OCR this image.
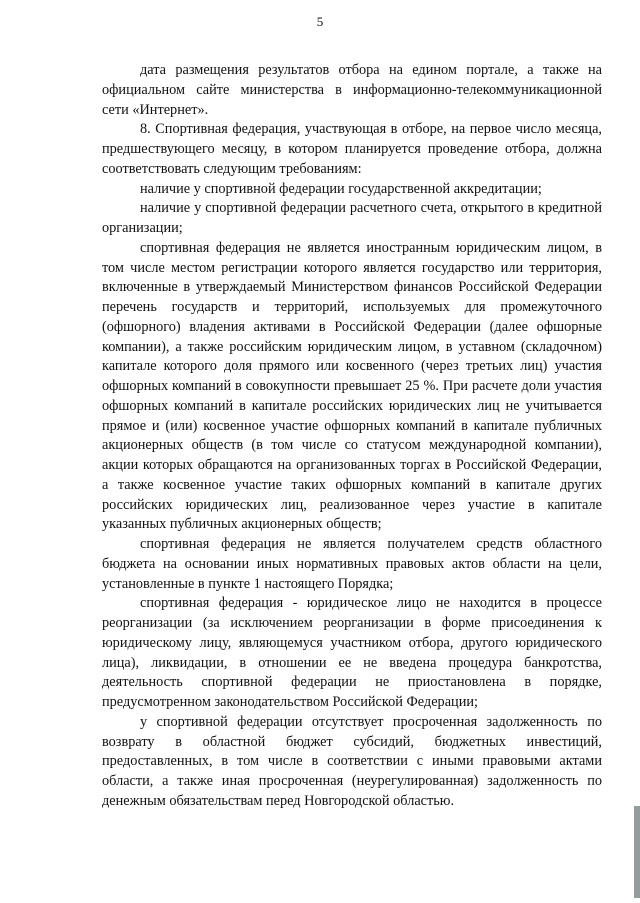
5

дата размещения результатов отбора на едином портале, а также на официальном сайте министерства в информационно-телекоммуникационной сети «Интернет».

8. Спортивная федерация, участвующая в отборе, на первое число месяца, предшествующего месяцу, в котором планируется проведение отбора, должна соответствовать следующим требованиям:

наличие у спортивной федерации государственной аккредитации;

наличие у спортивной федерации расчетного счета, открытого в кредитной организации;

спортивная федерация не является иностранным юридическим лицом, в том числе местом регистрации которого является государство или территория, включенные в утверждаемый Министерством финансов Российской Федерации перечень государств и территорий, используемых для промежуточного (офшорного) владения активами в Российской Федерации (далее офшорные компании), а также российским юридическим лицом, в уставном (складочном) капитале которого доля прямого или косвенного (через третьих лиц) участия офшорных компаний в совокупности превышает 25 %. При расчете доли участия офшорных компаний в капитале российских юридических лиц не учитывается прямое и (или) косвенное участие офшорных компаний в капитале публичных акционерных обществ (в том числе со статусом международной компании), акции которых обращаются на организованных торгах в Российской Федерации, а также косвенное участие таких офшорных компаний в капитале других российских юридических лиц, реализованное через участие в капитале указанных публичных акционерных обществ;

спортивная федерация не является получателем средств областного бюджета на основании иных нормативных правовых актов области на цели, установленные в пункте 1 настоящего Порядка;

спортивная федерация - юридическое лицо не находится в процессе реорганизации (за исключением реорганизации в форме присоединения к юридическому лицу, являющемуся участником отбора, другого юридического лица), ликвидации, в отношении ее не введена процедура банкротства, деятельность спортивной федерации не приостановлена в порядке, предусмотренном законодательством Российской Федерации;

у спортивной федерации отсутствует просроченная задолженность по возврату в областной бюджет субсидий, бюджетных инвестиций, предоставленных, в том числе в соответствии с иными правовыми актами области, а также иная просроченная (неурегулированная) задолженность по денежным обязательствам перед Новгородской областью.
